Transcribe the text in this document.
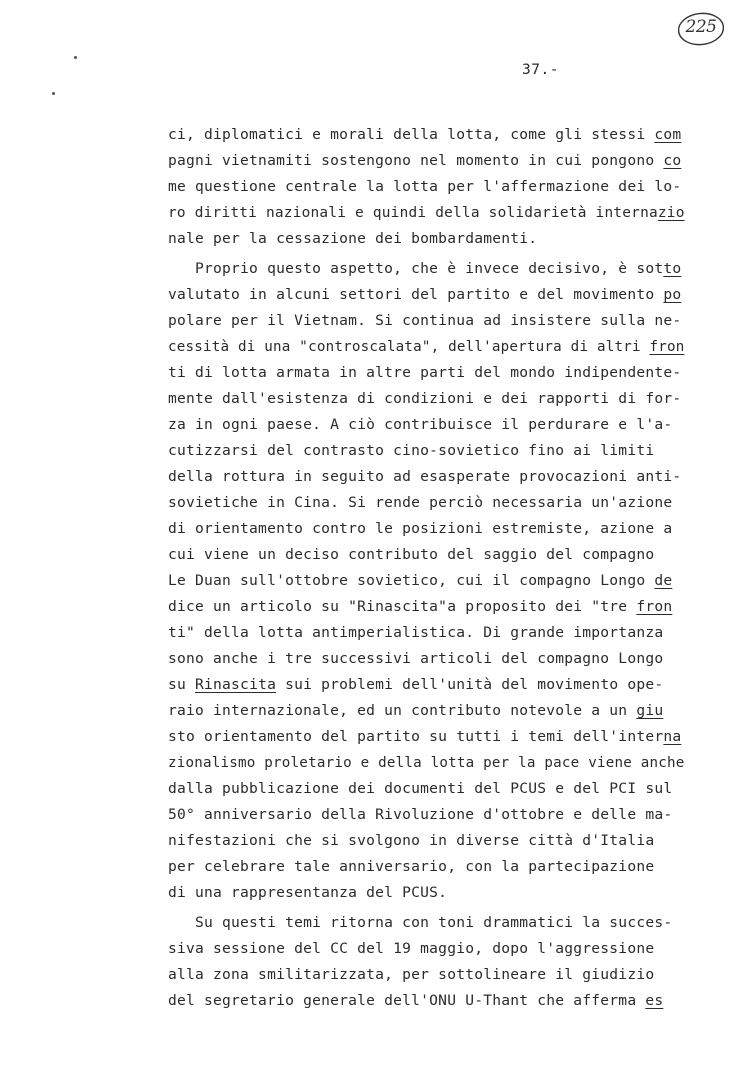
225
37.-
ci, diplomatici e morali della lotta, come gli stessi com
pagni vietnamiti sostengono nel momento in cui pongono co
me questione centrale la lotta per l'affermazione dei lo-
ro diritti nazionali e quindi della solidarietà internazio
nale per la cessazione dei bombardamenti.
Proprio questo aspetto, che è invece decisivo, è sotto
valutato in alcuni settori del partito e del movimento po
polare per il Vietnam. Si continua ad insistere sulla ne-
cessità di una "controscalata", dell'apertura di altri fron
ti di lotta armata in altre parti del mondo indipendente-
mente dall'esistenza di condizioni e dei rapporti di for-
za in ogni paese. A ciò contribuisce il perdurare e l'a-
cutizzarsi del contrasto cino-sovietico fino ai limiti
della rottura in seguito ad esasperate provocazioni anti-
sovietiche in Cina. Si rende perciò necessaria un'azione
di orientamento contro le posizioni estremiste, azione a
cui viene un deciso contributo del saggio del compagno
Le Duan sull'ottobre sovietico, cui il compagno Longo de
dice un articolo su "Rinascita"a proposito dei "tre fron
ti" della lotta antimperialistica. Di grande importanza
sono anche i tre successivi articoli del compagno Longo
su Rinascita sui problemi dell'unità del movimento ope-
raio internazionale, ed un contributo notevole a un giu
sto orientamento del partito su tutti i temi dell'interna
zionalismo proletario e della lotta per la pace viene anche
dalla pubblicazione dei documenti del PCUS e del PCI sul
50° anniversario della Rivoluzione d'ottobre e delle ma-
nifestazioni che si svolgono in diverse città d'Italia
per celebrare tale anniversario, con la partecipazione
di una rappresentanza del PCUS.
Su questi temi ritorna con toni drammatici la succes-
siva sessione del CC del 19 maggio, dopo l'aggressione
alla zona smilitarizzata, per sottolineare il giudizio
del segretario generale dell'ONU U-Thant che afferma es
